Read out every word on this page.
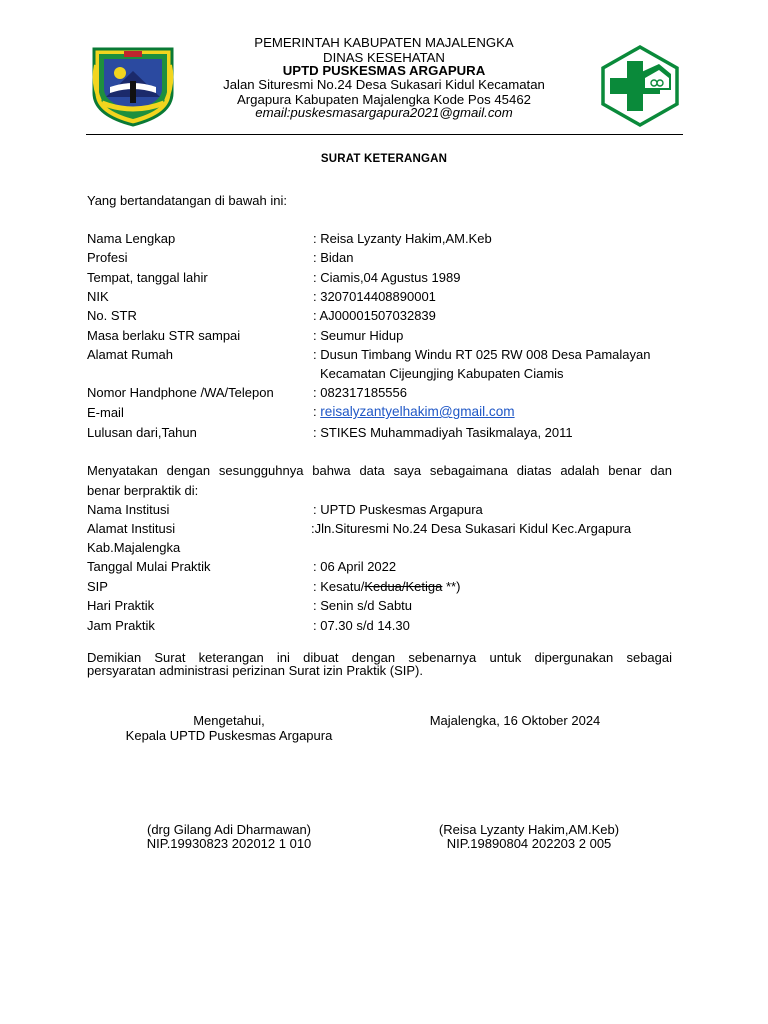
PEMERINTAH KABUPATEN MAJALENGKA
DINAS KESEHATAN
UPTD PUSKESMAS ARGAPURA
Jalan Situresmi No.24 Desa Sukasari Kidul Kecamatan
Argapura Kabupaten Majalengka Kode Pos 45462
email:puskesmasargapura2021@gmail.com
SURAT KETERANGAN
Yang bertandatangan di bawah ini:
Nama Lengkap	: Reisa Lyzanty Hakim,AM.Keb
Profesi	: Bidan
Tempat, tanggal lahir	: Ciamis,04 Agustus 1989
NIK	: 3207014408890001
No. STR	: AJ00001507032839
Masa berlaku STR sampai	: Seumur Hidup
Alamat Rumah	: Dusun Timbang Windu RT 025 RW 008 Desa Pamalayan
Kecamatan Cijeungjing Kabupaten Ciamis
Nomor Handphone /WA/Telepon	: 082317185556
E-mail	: reisalyzantyelhakim@gmail.com
Lulusan dari,Tahun	: STIKES Muhammadiyah Tasikmalaya, 2011
Menyatakan dengan sesungguhnya bahwa data saya sebagaimana diatas adalah benar dan
benar berpraktik di:
Nama Institusi	: UPTD Puskesmas Argapura
Alamat Institusi	:Jln.Situresmi No.24 Desa Sukasari Kidul Kec.Argapura
Kab.Majalengka
Tanggal Mulai Praktik	: 06 April 2022
SIP	: Kesatu/Kedua/Ketiga **)
Hari Praktik	: Senin s/d Sabtu
Jam Praktik	: 07.30 s/d 14.30
Demikian Surat keterangan ini dibuat dengan sebenarnya untuk dipergunakan sebagai
persyaratan administrasi perizinan Surat izin Praktik (SIP).
Mengetahui,
Kepala UPTD Puskesmas Argapura
Majalengka, 16 Oktober 2024
(drg Gilang Adi Dharmawan)
NIP.19930823 202012 1 010
(Reisa Lyzanty Hakim,AM.Keb)
NIP.19890804 202203 2 005
